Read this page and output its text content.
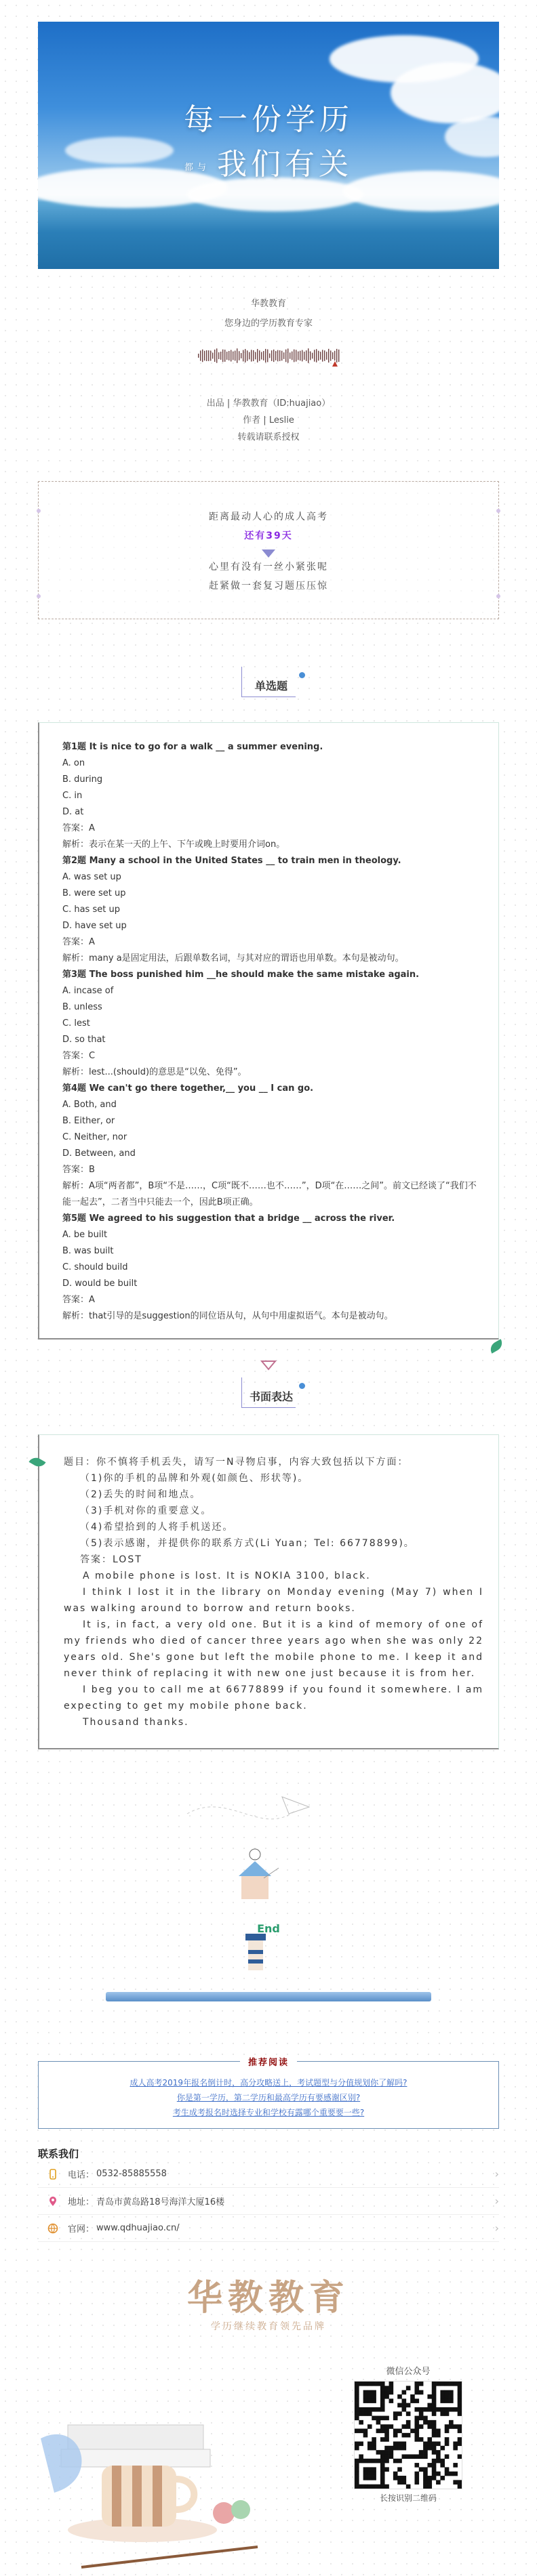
每一份学历
都与 我们有关
华教教育
您身边的学历教育专家
出品 | 华教教育（ID:huajiao）
作者 | Leslie
转载请联系授权
距离最动人心的成人高考
还有39天
心里有没有一丝小紧张呢
赶紧做一套复习题压压惊
单选题
第1题 It is nice to go for a walk __ a summer evening.
A. on
B. during
C. in
D. at
答案：A
解析：表示在某一天的上午、下午或晚上时要用介词on。
第2题 Many a school in the United States __ to train men in theology.
A. was set up
B. were set up
C. has set up
D. have set up
答案：A
解析：many a是固定用法，后跟单数名词，与其对应的谓语也用单数。本句是被动句。
第3题 The boss punished him __he should make the same mistake again.
A. incase of
B. unless
C. lest
D. so that
答案：C
解析：lest...(should)的意思是“以免、免得”。
第4题 We can't go there together,__ you __ I can go.
A. Both, and
B. Either, or
C. Neither, nor
D. Between, and
答案：B
解析：A项“两者都”，B项“不是……，C项“既不……也不……”，D项“在……之间”。前文已经谈了“我们不能一起去”，二者当中只能去一个，因此B项正确。
第5题 We agreed to his suggestion that a bridge __ across the river.
A. be built
B. was built
C. should build
D. would be built
答案：A
解析：that引导的是suggestion的同位语从句，从句中用虚拟语气。本句是被动句。
书面表达
题目：你不慎将手机丢失，请写一N寻物启事，内容大致包括以下方面：
（1)你的手机的品牌和外观(如颜色、形状等)。
（2)丢失的时间和地点。
（3)手机对你的重要意义。
（4)希望拾到的人将手机送还。
（5)表示感谢，并提供你的联系方式(Li Yuan；Tel: 66778899)。
答案：LOST
A mobile phone is lost. It is NOKIA 3100, black.
I think I lost it in the library on Monday evening (May 7) when I was walking around to borrow and return books.
It is, in fact, a very old one. But it is a kind of memory of one of my friends who died of cancer three years ago when she was only 22 years old. She's gone but left the mobile phone to me. I keep it and never think of replacing it with new one just because it is from her.
I beg you to call me at 66778899 if you found it somewhere. I am expecting to get my mobile phone back.
Thousand thanks.
End
推荐阅读
成人高考2019年报名倒计时，高分攻略送上，考试题型与分值规划你了解吗?
你是第一学历，第二学历和最高学历有要感谢区别?
考生成考报名时选择专业和学校有露哪个重要要一些?
联系我们
电话： 0532-85885558	›
地址： 青岛市黄岛路18号海洋大厦16楼	›
官网： www.qdhuajiao.cn/	›
华教教育
学历继续教育领先品牌
微信公众号
长按识别二维码
